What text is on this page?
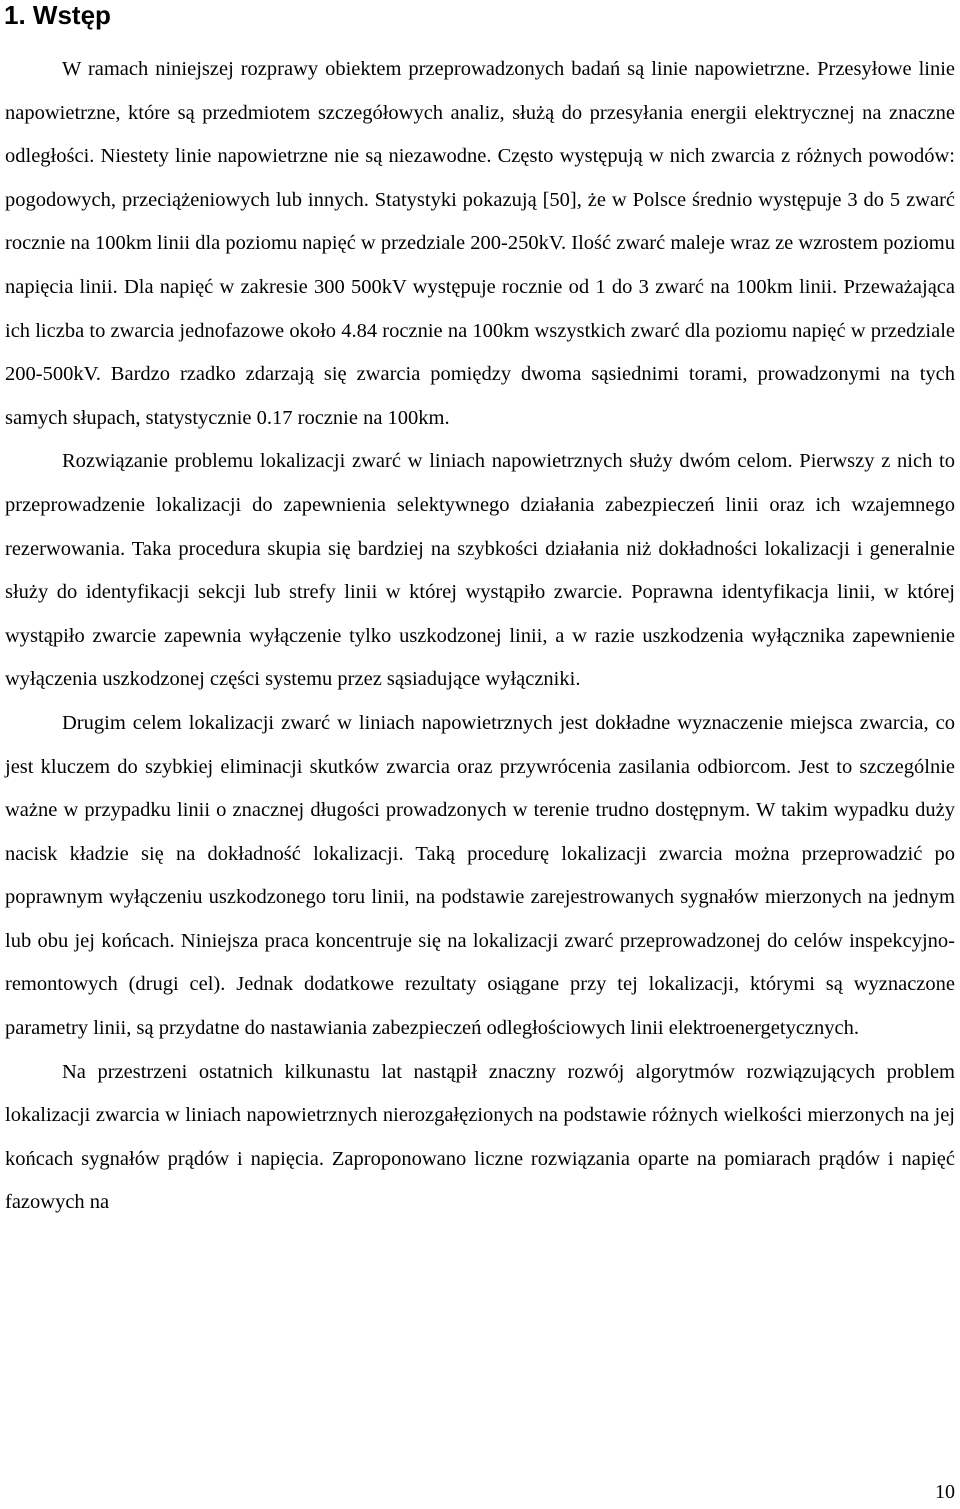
1. Wstęp

W ramach niniejszej rozprawy obiektem przeprowadzonych badań są linie napowietrzne. Przesyłowe linie napowietrzne, które są przedmiotem szczegółowych analiz, służą do przesyłania energii elektrycznej na znaczne odległości. Niestety linie napowietrzne nie są niezawodne. Często występują w nich zwarcia z różnych powodów: pogodowych, przeciążeniowych lub innych. Statystyki pokazują [50], że w Polsce średnio występuje 3 do 5 zwarć rocznie na 100km linii dla poziomu napięć w przedziale 200-250kV. Ilość zwarć maleje wraz ze wzrostem poziomu napięcia linii. Dla napięć w zakresie 300 500kV występuje rocznie od 1 do 3 zwarć na 100km linii. Przeważająca ich liczba to zwarcia jednofazowe około 4.84 rocznie na 100km wszystkich zwarć dla poziomu napięć w przedziale 200-500kV. Bardzo rzadko zdarzają się zwarcia pomiędzy dwoma sąsiednimi torami, prowadzonymi na tych samych słupach, statystycznie 0.17 rocznie na 100km.

Rozwiązanie problemu lokalizacji zwarć w liniach napowietrznych służy dwóm celom. Pierwszy z nich to przeprowadzenie lokalizacji do zapewnienia selektywnego działania zabezpieczeń linii oraz ich wzajemnego rezerwowania. Taka procedura skupia się bardziej na szybkości działania niż dokładności lokalizacji i generalnie służy do identyfikacji sekcji lub strefy linii w której wystąpiło zwarcie. Poprawna identyfikacja linii, w której wystąpiło zwarcie zapewnia wyłączenie tylko uszkodzonej linii, a w razie uszkodzenia wyłącznika zapewnienie wyłączenia uszkodzonej części systemu przez sąsiadujące wyłączniki.

Drugim celem lokalizacji zwarć w liniach napowietrznych jest dokładne wyznaczenie miejsca zwarcia, co jest kluczem do szybkiej eliminacji skutków zwarcia oraz przywrócenia zasilania odbiorcom. Jest to szczególnie ważne w przypadku linii o znacznej długości prowadzonych w terenie trudno dostępnym. W takim wypadku duży nacisk kładzie się na dokładność lokalizacji. Taką procedurę lokalizacji zwarcia można przeprowadzić po poprawnym wyłączeniu uszkodzonego toru linii, na podstawie zarejestrowanych sygnałów mierzonych na jednym lub obu jej końcach. Niniejsza praca koncentruje się na lokalizacji zwarć przeprowadzonej do celów inspekcyjno-remontowych (drugi cel). Jednak dodatkowe rezultaty osiągane przy tej lokalizacji, którymi są wyznaczone parametry linii, są przydatne do nastawiania zabezpieczeń odległościowych linii elektroenergetycznych.

Na przestrzeni ostatnich kilkunastu lat nastąpił znaczny rozwój algorytmów rozwiązujących problem lokalizacji zwarcia w liniach napowietrznych nierozgałęzionych na podstawie różnych wielkości mierzonych na jej końcach sygnałów prądów i napięcia. Zaproponowano liczne rozwiązania oparte na pomiarach prądów i napięć fazowych na

10
